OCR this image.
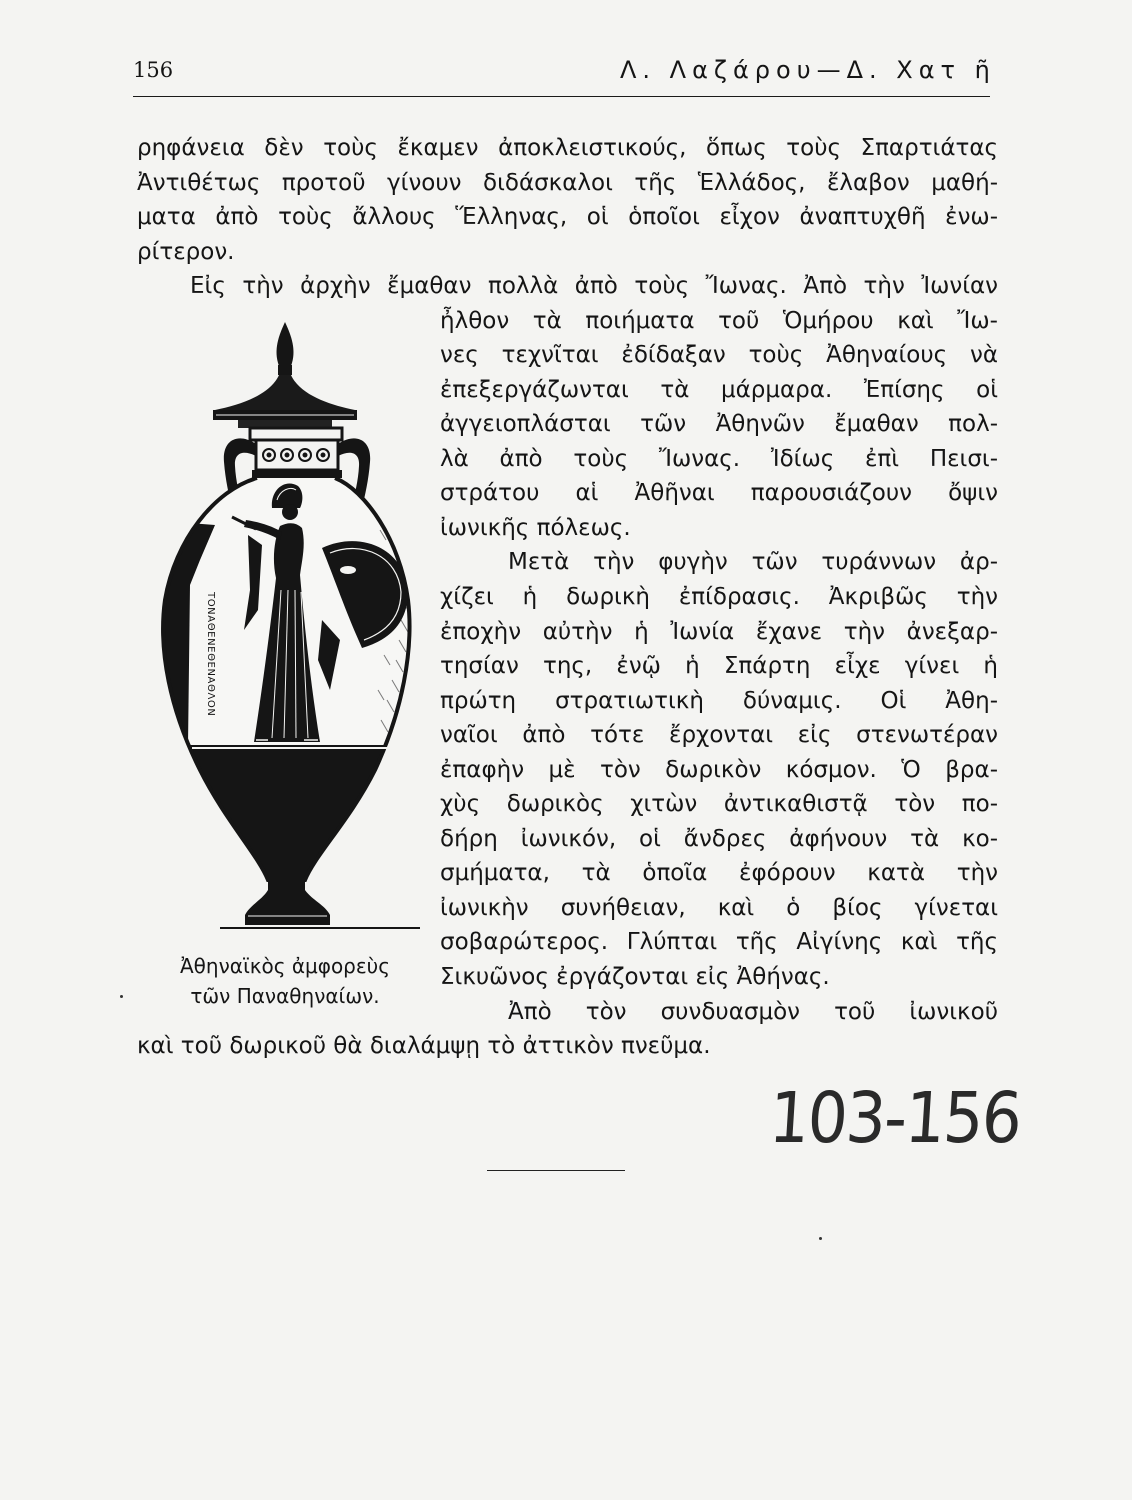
156	Λ. Λαζάρου—Δ. Χατ ῆ
ρηφάνεια δὲν τοὺς ἔκαμεν ἀποκλειστικούς, ὅπως τοὺς Σπαρτιάτας
Ἀντιθέτως προτοῦ γίνουν διδάσκαλοι τῆς Ἑλλάδος, ἔλαβον μαθή-
ματα ἀπὸ τοὺς ἄλλους Ἕλληνας, οἱ ὁποῖοι εἶχον ἀναπτυχθῆ ἐνω-
ρίτερον.
Εἰς τὴν ἀρχὴν ἔμαθαν πολλὰ ἀπὸ τοὺς Ἴωνας. Ἀπὸ τὴν Ἰωνίαν
ἦλθον τὰ ποιήματα τοῦ Ὁμήρου καὶ Ἴω-
νες τεχνῖται ἐδίδαξαν τοὺς Ἀθηναίους νὰ
ἐπεξεργάζωνται τὰ μάρμαρα. Ἐπίσης οἱ
ἀγγειοπλάσται τῶν Ἀθηνῶν ἔμαθαν πολ-
λὰ ἀπὸ τοὺς Ἴωνας. Ἰδίως ἐπὶ Πεισι-
στράτου αἱ Ἀθῆναι παρουσιάζουν ὄψιν
ἰωνικῆς πόλεως.
Μετὰ τὴν φυγὴν τῶν τυράννων ἀρ-
χίζει ἡ δωρικὴ ἐπίδρασις. Ἀκριβῶς τὴν
ἐποχὴν αὐτὴν ἡ Ἰωνία ἔχανε τὴν ἀνεξαρ-
τησίαν της, ἐνῷ ἡ Σπάρτη εἶχε γίνει ἡ
πρώτη στρατιωτικὴ δύναμις. Οἱ Ἀθη-
ναῖοι ἀπὸ τότε ἔρχονται εἰς στενωτέραν
ἐπαφὴν μὲ τὸν δωρικὸν κόσμον. Ὁ βρα-
χὺς δωρικὸς χιτὼν ἀντικαθιστᾷ τὸν πο-
δήρη ἰωνικόν, οἱ ἄνδρες ἀφήνουν τὰ κο-
σμήματα, τὰ ὁποῖα ἐφόρουν κατὰ τὴν
ἰωνικὴν συνήθειαν, καὶ ὁ βίος γίνεται
σοβαρώτερος. Γλύπται τῆς Αἰγίνης καὶ τῆς
Σικυῶνος ἐργάζονται εἰς Ἀθήνας.
Ἀπὸ τὸν συνδυασμὸν τοῦ ἰωνικοῦ
καὶ τοῦ δωρικοῦ θὰ διαλάμψῃ τὸ ἀττικὸν πνεῦμα.
ΤΟΝΑΘΕΝΕΘΕΝΑΘΛΟΝ
Ἀθηναϊκὸς ἀμφορεὺς
τῶν Παναθηναίων.
103-156
